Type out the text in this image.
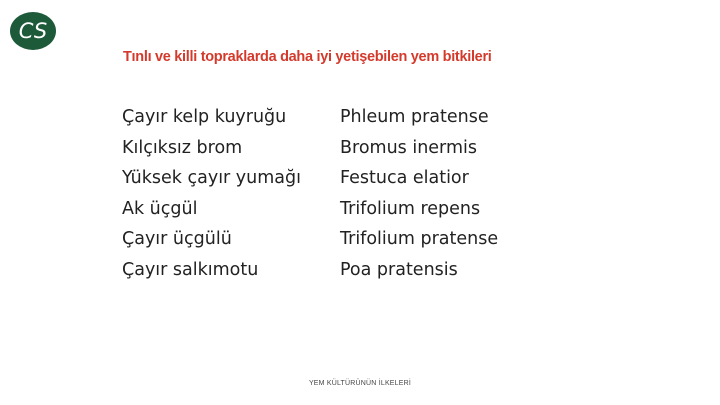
CS
Tınlı ve killi topraklarda daha iyi yetişebilen yem bitkileri
Çayır kelp kuyruğu
Kılçıksız brom
Yüksek çayır yumağı
Ak üçgül
Çayır üçgülü
Çayır salkımotu
Phleum pratense
Bromus inermis
Festuca elatior
Trifolium repens
Trifolium pratense
Poa pratensis
YEM KÜLTÜRÜNÜN İLKELERİ
